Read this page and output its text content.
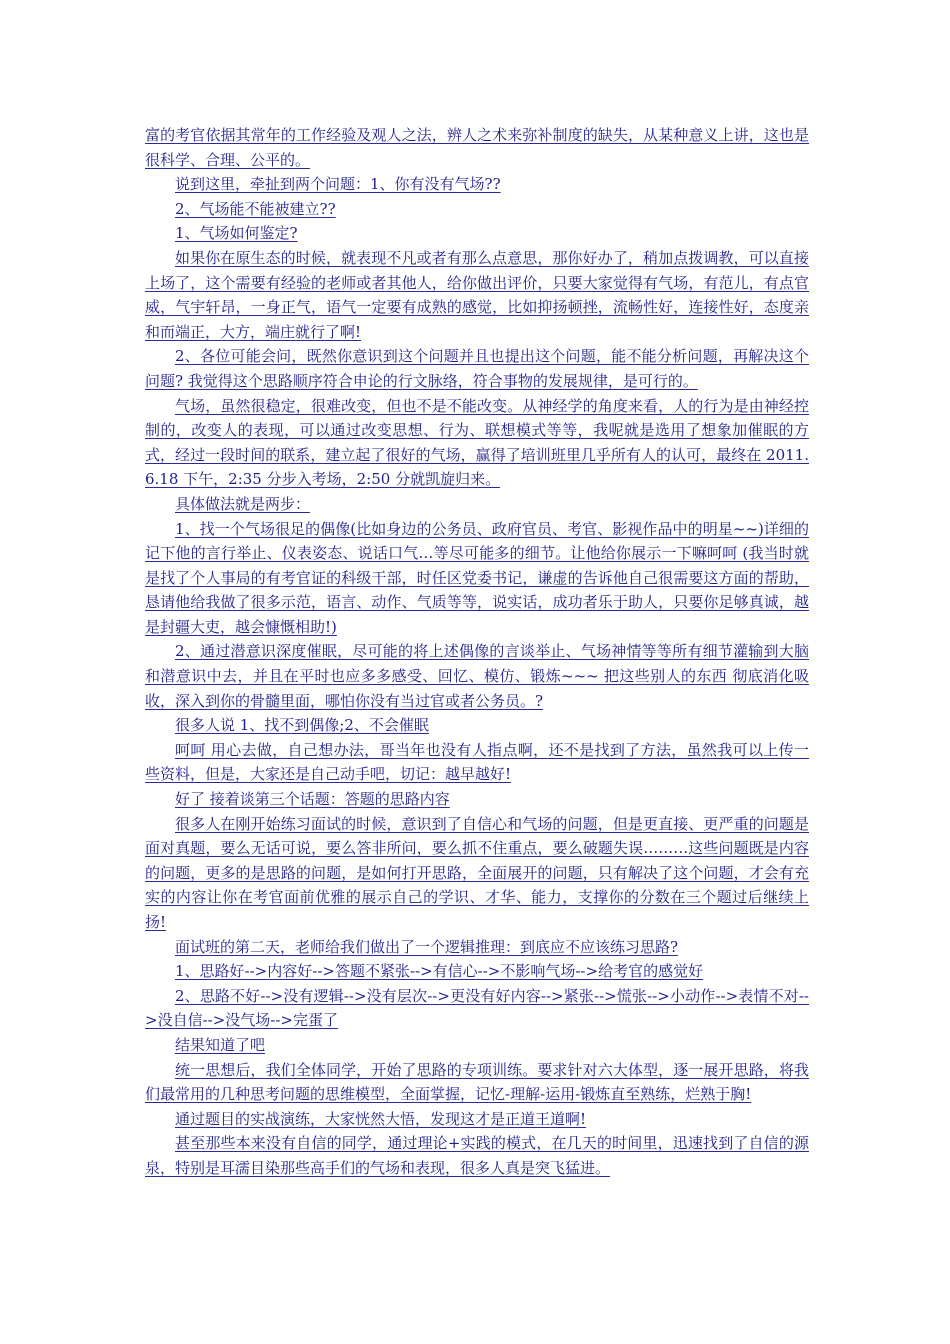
富的考官依据其常年的工作经验及观人之法，辨人之术来弥补制度的缺失，从某种意义上讲，这也是很科学、合理、公平的。

说到这里，牵扯到两个问题：1、你有没有气场??

2、气场能不能被建立??

1、气场如何鉴定?

如果你在原生态的时候，就表现不凡或者有那么点意思，那你好办了，稍加点拨调教，可以直接上场了，这个需要有经验的老师或者其他人，给你做出评价，只要大家觉得有气场，有范儿，有点官威，气宇轩昂，一身正气，语气一定要有成熟的感觉，比如抑扬顿挫，流畅性好，连接性好，态度亲和而端正，大方，端庄就行了啊!

2、各位可能会问，既然你意识到这个问题并且也提出这个问题，能不能分析问题，再解决这个问题? 我觉得这个思路顺序符合申论的行文脉络，符合事物的发展规律，是可行的。

气场，虽然很稳定，很难改变，但也不是不能改变。从神经学的角度来看，人的行为是由神经控制的，改变人的表现，可以通过改变思想、行为、联想模式等等，我呢就是选用了想象加催眠的方式，经过一段时间的联系，建立起了很好的气场，赢得了培训班里几乎所有人的认可，最终在 2011.6.18 下午，2:35 分步入考场，2:50 分就凯旋归来。

具体做法就是两步：

1、找一个气场很足的偶像(比如身边的公务员、政府官员、考官、影视作品中的明星~~)详细的记下他的言行举止、仪表姿态、说话口气…等尽可能多的细节。让他给你展示一下嘛呵呵 (我当时就是找了个人事局的有考官证的科级干部，时任区党委书记，谦虚的告诉他自己很需要这方面的帮助，恳请他给我做了很多示范，语言、动作、气质等等，说实话，成功者乐于助人，只要你足够真诚，越是封疆大吏，越会慷慨相助!)

2、通过潜意识深度催眠，尽可能的将上述偶像的言谈举止、气场神情等等所有细节灌输到大脑和潜意识中去，并且在平时也应多多感受、回忆、模仿、锻炼~~~ 把这些别人的东西 彻底消化吸收，深入到你的骨髓里面，哪怕你没有当过官或者公务员。?

很多人说 1、找不到偶像;2、不会催眠

呵呵 用心去做，自己想办法，哥当年也没有人指点啊，还不是找到了方法，虽然我可以上传一些资料，但是，大家还是自己动手吧，切记：越早越好!

好了 接着谈第三个话题：答题的思路内容

很多人在刚开始练习面试的时候，意识到了自信心和气场的问题，但是更直接、更严重的问题是面对真题，要么无话可说，要么答非所问，要么抓不住重点，要么破题失误………这些问题既是内容的问题，更多的是思路的问题，是如何打开思路，全面展开的问题，只有解决了这个问题，才会有充实的内容让你在考官面前优雅的展示自己的学识、才华、能力，支撑你的分数在三个题过后继续上扬!

面试班的第二天，老师给我们做出了一个逻辑推理：到底应不应该练习思路?

1、思路好-->内容好-->答题不紧张-->有信心-->不影响气场-->给考官的感觉好

2、思路不好-->没有逻辑-->没有层次-->更没有好内容-->紧张-->慌张-->小动作-->表情不对-->没自信-->没气场-->完蛋了

结果知道了吧

统一思想后，我们全体同学，开始了思路的专项训练。要求针对六大体型，逐一展开思路，将我们最常用的几种思考问题的思维模型，全面掌握，记忆-理解-运用-锻炼直至熟练，烂熟于胸!

通过题目的实战演练，大家恍然大悟，发现这才是正道王道啊!

甚至那些本来没有自信的同学，通过理论+实践的模式，在几天的时间里，迅速找到了自信的源泉，特别是耳濡目染那些高手们的气场和表现，很多人真是突飞猛进。
